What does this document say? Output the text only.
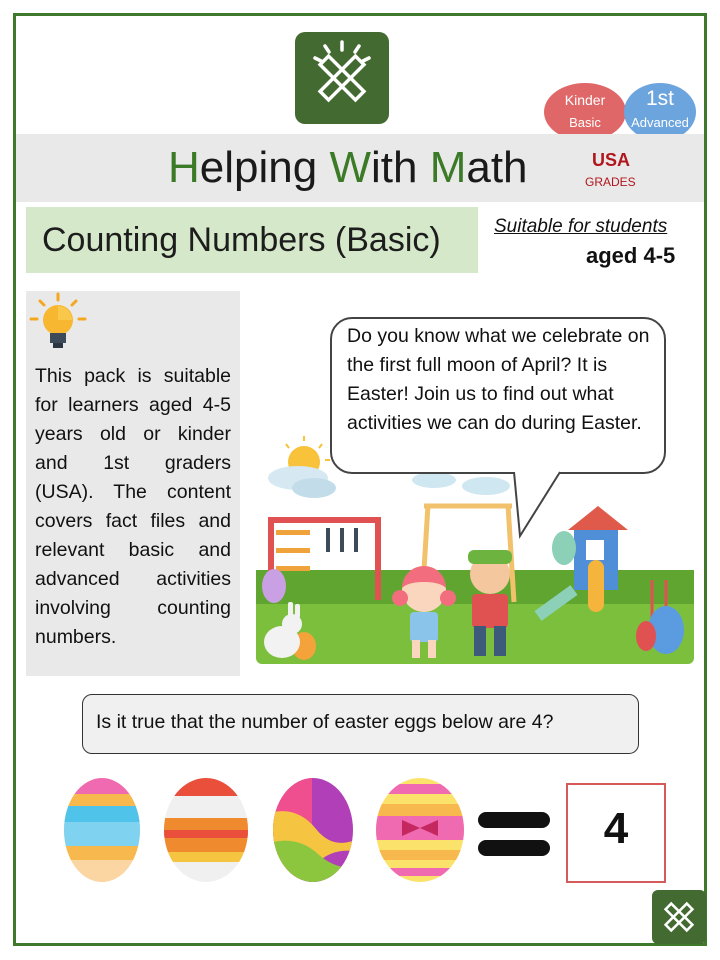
Kinder
Basic
1st
Advanced
Helping With Math	USA
GRADES
Counting Numbers (Basic)	Suitable for students
aged 4-5
This pack is suitable for learners aged 4-5 years old or kinder and 1st graders (USA). The content covers fact files and relevant basic and advanced activities involving counting numbers.
Do you know what we celebrate on the first full moon of April? It is Easter! Join us to find out what activities we can do during Easter.
Is it true that the number of easter eggs below are 4?
4
